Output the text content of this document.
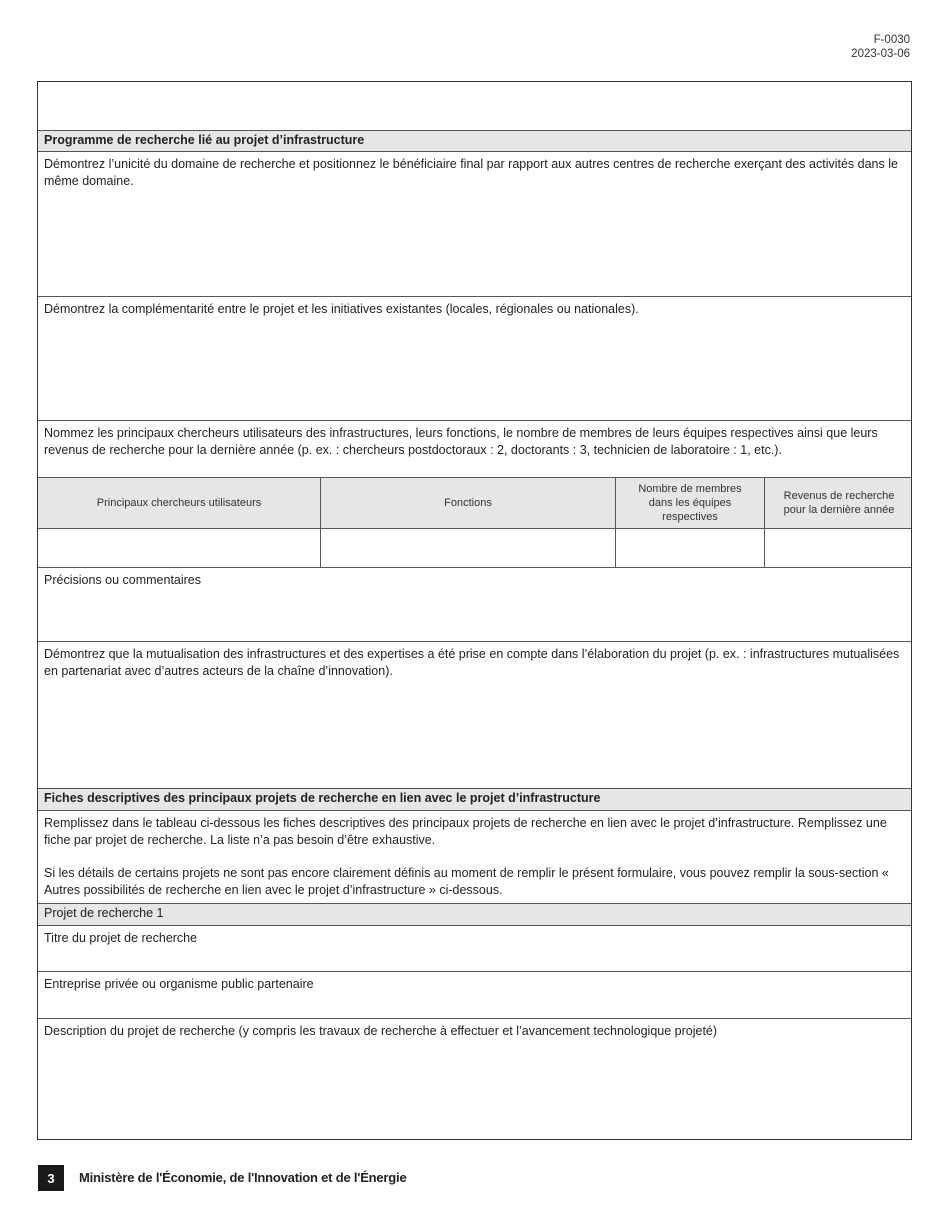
F-0030
2023-03-06
Programme de recherche lié au projet d’infrastructure
Démontrez l’unicité du domaine de recherche et positionnez le bénéficiaire final par rapport aux autres centres de recherche exerçant des activités dans le même domaine.
Démontrez la complémentarité entre le projet et les initiatives existantes (locales, régionales ou nationales).
Nommez les principaux chercheurs utilisateurs des infrastructures, leurs fonctions, le nombre de membres de leurs équipes respectives ainsi que leurs revenus de recherche pour la dernière année (p. ex. : chercheurs postdoctoraux : 2, doctorants : 3, technicien de laboratoire : 1, etc.).
Principaux chercheurs utilisateurs	Fonctions
Nombre de membres dans les équipes respectives
Revenus de recherche pour la dernière année
Précisions ou commentaires
Démontrez que la mutualisation des infrastructures et des expertises a été prise en compte dans l’élaboration du projet (p. ex. : infrastructures mutualisées en partenariat avec d’autres acteurs de la chaîne d’innovation).
Fiches descriptives des principaux projets de recherche en lien avec le projet d’infrastructure
Remplissez dans le tableau ci-dessous les fiches descriptives des principaux projets de recherche en lien avec le projet d’infrastructure. Remplissez une fiche par projet de recherche. La liste n’a pas besoin d’être exhaustive.
Si les détails de certains projets ne sont pas encore clairement définis au moment de remplir le présent formulaire, vous pouvez remplir la sous-section « Autres possibilités de recherche en lien avec le projet d’infrastructure » ci-dessous.
Projet de recherche 1
Titre du projet de recherche
Entreprise privée ou organisme public partenaire
Description du projet de recherche (y compris les travaux de recherche à effectuer et l’avancement technologique projeté)
3	Ministère de l'Économie, de l'Innovation et de l'Énergie
